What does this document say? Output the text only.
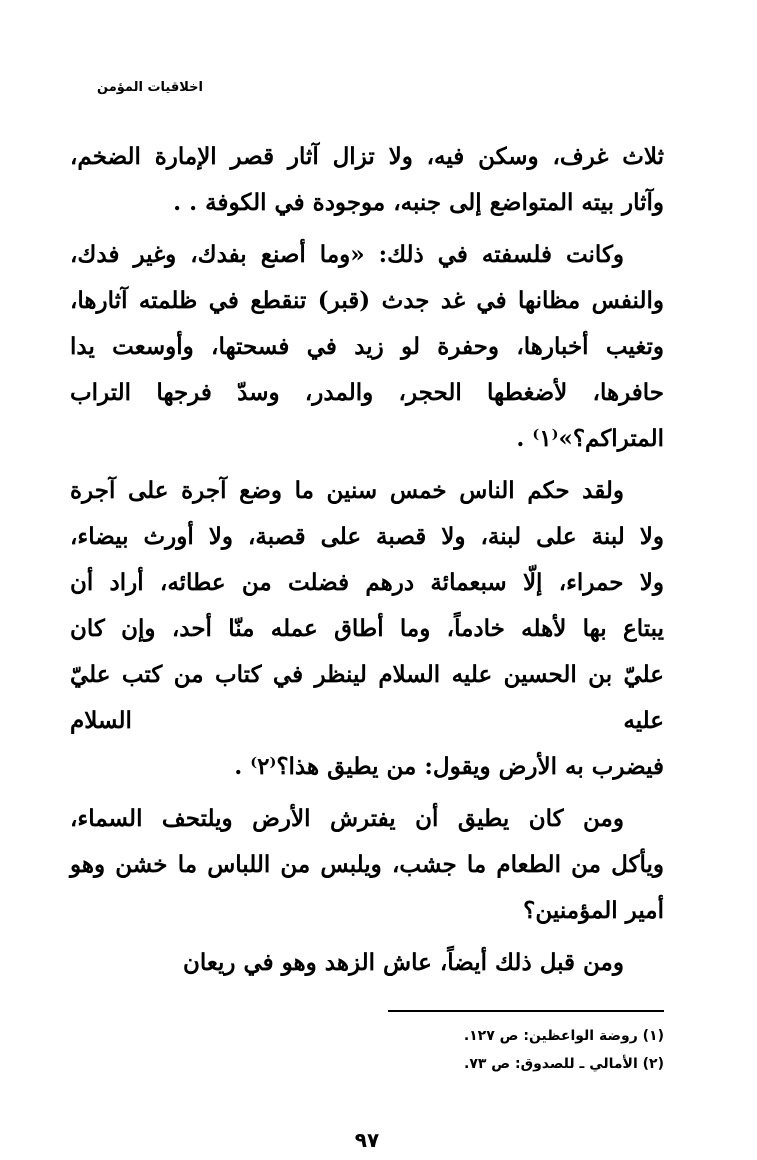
اخلاقيات المؤمن
ثلاث غرف، وسكن فيه، ولا تزال آثار قصر الإمارة الضخم،
وآثار بيته المتواضع إلى جنبه، موجودة في الكوفة . .
وكانت فلسفته في ذلك: «وما أصنع بفدك، وغير فدك،
والنفس مظانها في غد جدث (قبر) تنقطع في ظلمته آثارها،
وتغيب أخبارها، وحفرة لو زيد في فسحتها، وأوسعت يدا
حافرها، لأضغطها الحجر، والمدر، وسدّ فرجها التراب
المتراكم؟»⁽١⁾ .
ولقد حكم الناس خمس سنين ما وضع آجرة على آجرة
ولا لبنة على لبنة، ولا قصبة على قصبة، ولا أورث بيضاء،
ولا حمراء، إلّا سبعمائة درهم فضلت من عطائه، أراد أن
يبتاع بها لأهله خادماً، وما أطاق عمله منّا أحد، وإن كان
عليّ بن الحسين عليه السلام لينظر في كتاب من كتب عليّ عليه السلام
فيضرب به الأرض ويقول: من يطيق هذا؟⁽٢⁾ .
ومن كان يطيق أن يفترش الأرض ويلتحف السماء،
ويأكل من الطعام ما جشب، ويلبس من اللباس ما خشن وهو
أمير المؤمنين؟
ومن قبل ذلك أيضاً، عاش الزهد وهو في ريعان
(١) روضة الواعظين: ص ١٢٧.
(٢) الأمالي ـ للصدوق: ص ٧٣.
٩٧
